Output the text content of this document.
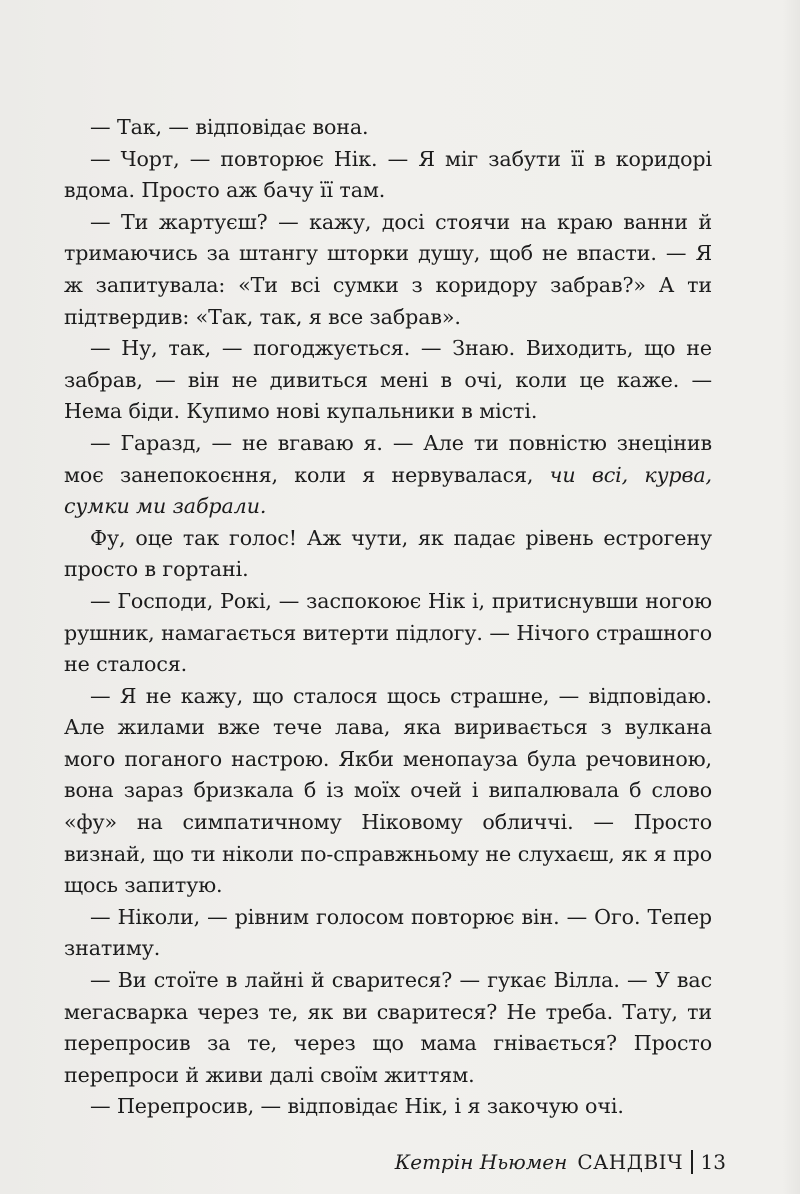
— Так, — відповідає вона.

— Чорт, — повторює Нік. — Я міг забути її в коридорі вдома. Просто аж бачу її там.

— Ти жартуєш? — кажу, досі стоячи на краю ванни й тримаючись за штангу шторки душу, щоб не впасти. — Я ж запитувала: «Ти всі сумки з коридору забрав?» А ти підтвердив: «Так, так, я все забрав».

— Ну, так, — погоджується. — Знаю. Виходить, що не забрав, — він не дивиться мені в очі, коли це каже. — Нема біди. Купимо нові купальники в місті.

— Гаразд, — не вгаваю я. — Але ти повністю знецінив моє занепокоєння, коли я нервувалася, чи всі, курва, сумки ми забрали.

Фу, оце так голос! Аж чути, як падає рівень естрогену просто в гортані.

— Господи, Рокі, — заспокоює Нік і, притиснувши ногою рушник, намагається витерти підлогу. — Нічого страшного не сталося.

— Я не кажу, що сталося щось страшне, — відповідаю. Але жилами вже тече лава, яка виривається з вулкана мого поганого настрою. Якби менопауза була речовиною, вона зараз бризкала б із моїх очей і випалювала б слово «фу» на симпатичному Ніковому обличчі. — Просто визнай, що ти ніколи по-справжньому не слухаєш, як я про щось запитую.

— Ніколи, — рівним голосом повторює він. — Ого. Тепер знатиму.

— Ви стоїте в лайні й сваритеся? — гукає Вілла. — У вас мегасварка через те, як ви сваритеся? Не треба. Тату, ти перепросив за те, через що мама гнівається? Просто перепроси й живи далі своїм життям.

— Перепросив, — відповідає Нік, і я закочую очі.

Кетрін Ньюмен САНДВІЧ 13
